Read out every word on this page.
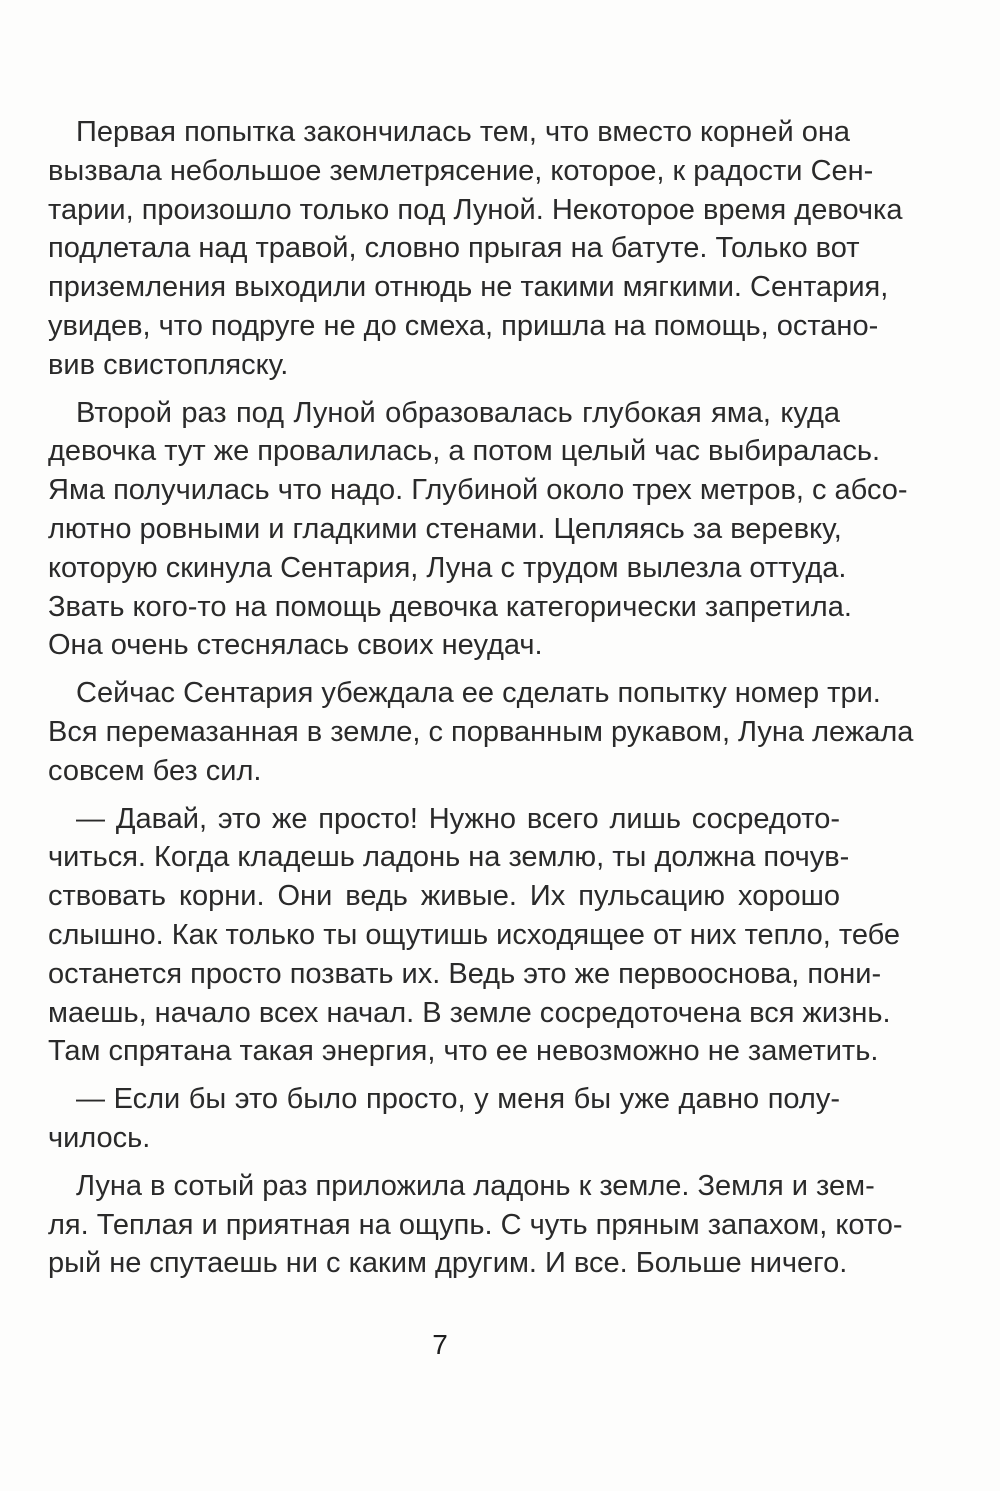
Первая попытка закончилась тем, что вместо корней она
вызвала небольшое землетрясение, которое, к радости Сен-
тарии, произошло только под Луной. Некоторое время девочка
подлетала над травой, словно прыгая на батуте. Только вот
приземления выходили отнюдь не такими мягкими. Сентария,
увидев, что подруге не до смеха, пришла на помощь, остано-
вив свистопляску.
Второй раз под Луной образовалась глубокая яма, куда
девочка тут же провалилась, а потом целый час выбиралась.
Яма получилась что надо. Глубиной около трех метров, с абсо-
лютно ровными и гладкими стенами. Цепляясь за веревку,
которую скинула Сентария, Луна с трудом вылезла оттуда.
Звать кого-то на помощь девочка категорически запретила.
Она очень стеснялась своих неудач.
Сейчас Сентария убеждала ее сделать попытку номер три.
Вся перемазанная в земле, с порванным рукавом, Луна лежала
совсем без сил.
— Давай, это же просто! Нужно всего лишь сосредото-
читься. Когда кладешь ладонь на землю, ты должна почув-
ствовать корни. Они ведь живые. Их пульсацию хорошо
слышно. Как только ты ощутишь исходящее от них тепло, тебе
останется просто позвать их. Ведь это же первооснова, пони-
маешь, начало всех начал. В земле сосредоточена вся жизнь.
Там спрятана такая энергия, что ее невозможно не заметить.
— Если бы это было просто, у меня бы уже давно полу-
чилось.
Луна в сотый раз приложила ладонь к земле. Земля и зем-
ля. Теплая и приятная на ощупь. С чуть пряным запахом, кото-
рый не спутаешь ни с каким другим. И все. Больше ничего.
7
